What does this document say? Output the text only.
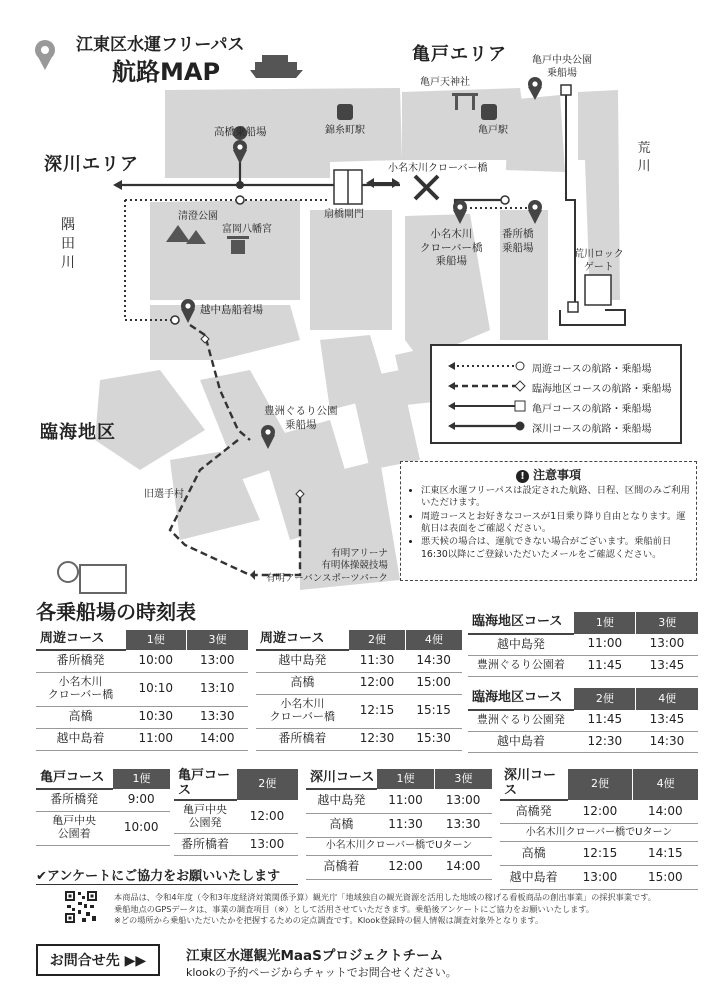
江東区水運フリーパス
航路MAP
亀戸エリア
深川エリア
臨海地区
荒川
隅田川
亀戸天神社
亀戸駅
錦糸町駅
清澄公園
富岡八幡宮
旧選手村
有明アリーナ
有明体操競技場
有明アーバンスポーツパーク
高橋乗船場
扇橋閘門
小名木川クローバー橋
小名木川
クローバー橋
乗船場
番所橋
乗船場
亀戸中央公園
乗船場
荒川ロック
ゲート
越中島船着場
豊洲ぐるり公園
乗船場
周遊コースの航路・乗船場
臨海地区コースの航路・乗船場
亀戸コースの航路・乗船場
深川コースの航路・乗船場
! 注意事項
• 江東区水運フリーパスは設定された航路、日程、区間のみご利用いただけます。
• 周遊コースとお好きなコースが1日乗り降り自由となります。運航日は表面をご確認ください。
• 悪天候の場合は、運航できない場合がございます。乗船前日16:30以降にご登録いただいたメールをご確認ください。
各乗船場の時刻表
周遊コース	1便	3便
番所橋発	10:00	13:00
小名木川
クローバー橋	10:10	13:10
高橋	10:30	13:30
越中島着	11:00	14:00
周遊コース	2便	4便
越中島発	11:30	14:30
高橋	12:00	15:00
小名木川
クローバー橋	12:15	15:15
番所橋着	12:30	15:30
臨海地区コース	1便	3便
越中島発	11:00	13:00
豊洲ぐるり公園着	11:45	13:45
臨海地区コース	2便	4便
豊洲ぐるり公園発	11:45	13:45
越中島着	12:30	14:30
亀戸コース	1便
番所橋発	9:00
亀戸中央
公園着	10:00
亀戸コース	2便
亀戸中央
公園発	12:00
番所橋着	13:00
深川コース	1便	3便
越中島発	11:00	13:00
高橋	11:30	13:30
小名木川クローバー橋でUターン		
高橋着	12:00	14:00
深川コース	2便	4便
高橋発	12:00	14:00
小名木川クローバー橋でUターン		
高橋	12:15	14:15
越中島着	13:00	15:00
✔アンケートにご協力をお願いいたします
本商品は、令和4年度（令和3年度経済対策関係予算）観光庁「地域独自の観光資源を活用した地域の稼げる看板商品の創出事業」の採択事業です。
乗船地点のGPSデータは、事業の調査項目（※）として活用させていただきます。乗船後アンケートにご協力をお願いいたします。
※どの場所から乗船いただいたかを把握するための定点調査です。Klook登録時の個人情報は調査対象外となります。
お問合せ先 ▶▶	江東区水運観光MaaSプロジェクトチーム
klookの予約ページからチャットでお問合せください。
